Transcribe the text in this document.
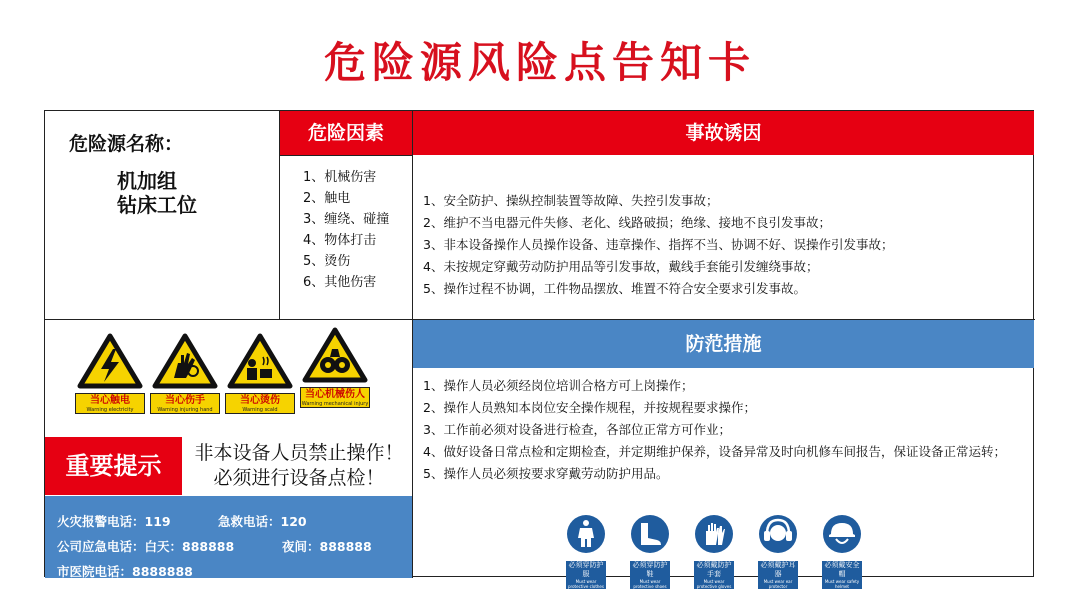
危险源风险点告知卡
危险源名称：
机加组
钻床工位
危险因素
1、机械伤害
2、触电
3、缠绕、碰撞
4、物体打击
5、烫伤
6、其他伤害
事故诱因
1、安全防护、操纵控制装置等故障、失控引发事故；
2、维护不当电器元件失修、老化、线路破损；绝缘、接地不良引发事故；
3、非本设备操作人员操作设备、违章操作、指挥不当、协调不好、误操作引发事故；
4、未按规定穿戴劳动防护用品等引发事故，戴线手套能引发缠绕事故；
5、操作过程不协调，工件物品摆放、堆置不符合安全要求引发事故。
当心触电
Warning electricity
当心伤手
Warning injuring hand
当心烫伤
Warning scald
当心机械伤人
Warning mechanical injury
重要提示	非本设备人员禁止操作！
必须进行设备点检！
火灾报警电话：119	急救电话：120
公司应急电话：白天：888888	夜间：888888
市医院电话：8888888
防范措施
1、操作人员必须经岗位培训合格方可上岗操作；
2、操作人员熟知本岗位安全操作规程，并按规程要求操作；
3、工作前必须对设备进行检查，各部位正常方可作业；
4、做好设备日常点检和定期检查，并定期维护保养，设备异常及时向机修车间报告，保证设备正常运转；
5、操作人员必须按要求穿戴劳动防护用品。
必须穿防护服
Must wear protective clothes
必须穿防护鞋
Must wear protective shoes
必须戴防护手套
Must wear protective gloves
必须戴护耳器
Must wear ear protector
必须戴安全帽
Must wear safety helmet
